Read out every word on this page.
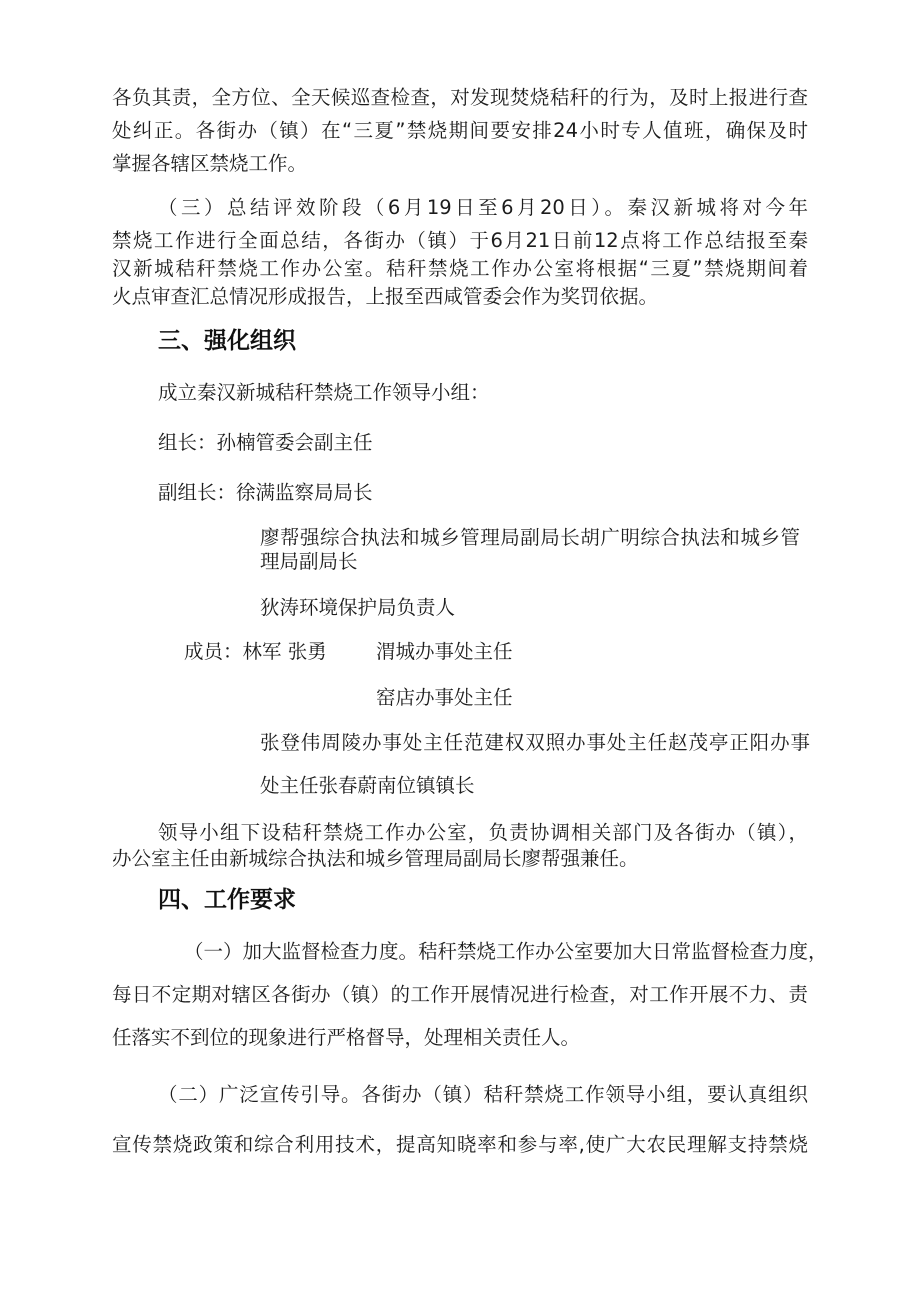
各负其责，全方位、全天候巡查检查，对发现焚烧秸秆的行为，及时上报进行查
处纠正。各街办（镇）在“三夏”禁烧期间要安排24小时专人值班，确保及时
掌握各辖区禁烧工作。
（三）总结评效阶段（6月19日至6月20日）。秦汉新城将对今年
禁烧工作进行全面总结，各街办（镇）于6月21日前12点将工作总结报至秦
汉新城秸秆禁烧工作办公室。秸秆禁烧工作办公室将根据“三夏”禁烧期间着
火点审查汇总情况形成报告，上报至西咸管委会作为奖罚依据。
三、强化组织
成立秦汉新城秸秆禁烧工作领导小组：
组长：孙楠管委会副主任
副组长：徐满监察局局长
廖帮强综合执法和城乡管理局副局长胡广明综合执法和城乡管
理局副局长
狄涛环境保护局负责人
成员：林军 张勇	渭城办事处主任
窑店办事处主任
张登伟周陵办事处主任范建权双照办事处主任赵茂亭正阳办事
处主任张春蔚南位镇镇长
领导小组下设秸秆禁烧工作办公室，负责协调相关部门及各街办（镇），
办公室主任由新城综合执法和城乡管理局副局长廖帮强兼任。
四、工作要求
（一）加大监督检查力度。秸秆禁烧工作办公室要加大日常监督检查力度，
每日不定期对辖区各街办（镇）的工作开展情况进行检查，对工作开展不力、责
任落实不到位的现象进行严格督导，处理相关责任人。
（二）广泛宣传引导。各街办（镇）秸秆禁烧工作领导小组，要认真组织
宣传禁烧政策和综合利用技术，提高知晓率和参与率,使广大农民理解支持禁烧
